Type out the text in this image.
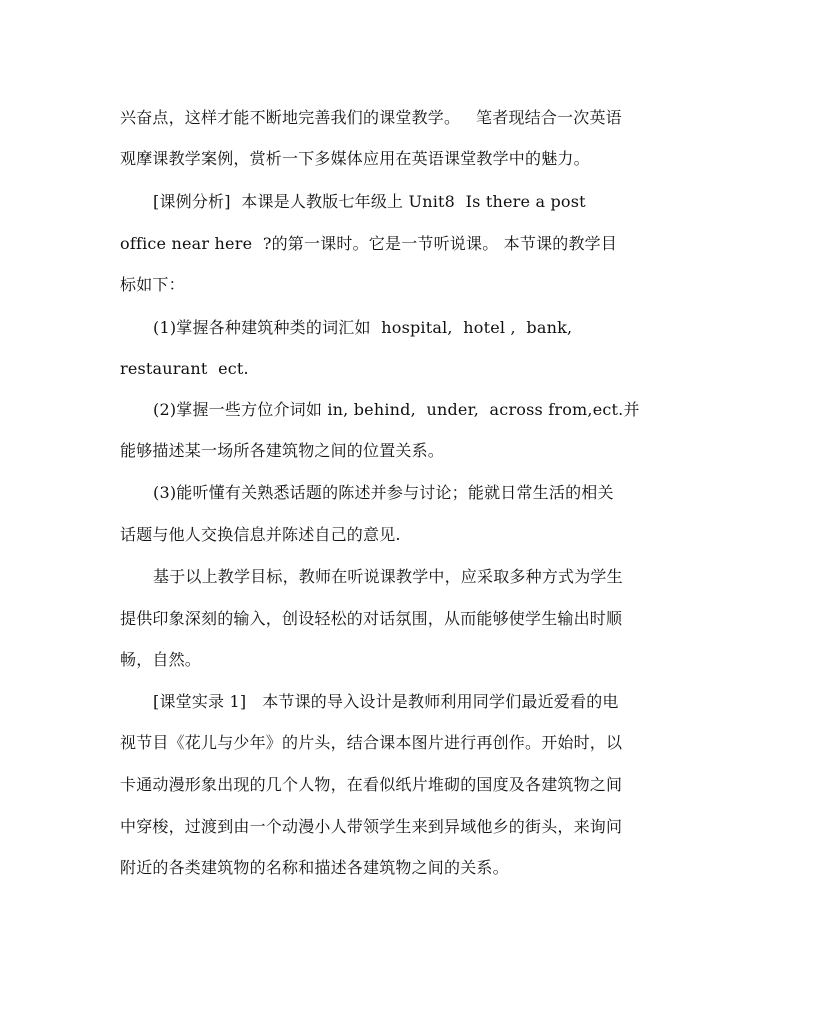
兴奋点，这样才能不断地完善我们的课堂教学。   笔者现结合一次英语
观摩课教学案例，赏析一下多媒体应用在英语课堂教学中的魅力。
[课例分析]  本课是人教版七年级上 Unit8  Is there a post
office near here  ?的第一课时。它是一节听说课。 本节课的教学目
标如下：
(1)掌握各种建筑种类的词汇如  hospital,  hotel ,  bank,
restaurant  ect.
(2)掌握一些方位介词如 in, behind,  under,  across from,ect.并
能够描述某一场所各建筑物之间的位置关系。
(3)能听懂有关熟悉话题的陈述并参与讨论；能就日常生活的相关
话题与他人交换信息并陈述自己的意见.
基于以上教学目标，教师在听说课教学中，应采取多种方式为学生
提供印象深刻的输入，创设轻松的对话氛围，从而能够使学生输出时顺
畅，自然。
[课堂实录 1]   本节课的导入设计是教师利用同学们最近爱看的电
视节目《花儿与少年》的片头，结合课本图片进行再创作。开始时，以
卡通动漫形象出现的几个人物，在看似纸片堆砌的国度及各建筑物之间
中穿梭，过渡到由一个动漫小人带领学生来到异域他乡的街头，来询问
附近的各类建筑物的名称和描述各建筑物之间的关系。
